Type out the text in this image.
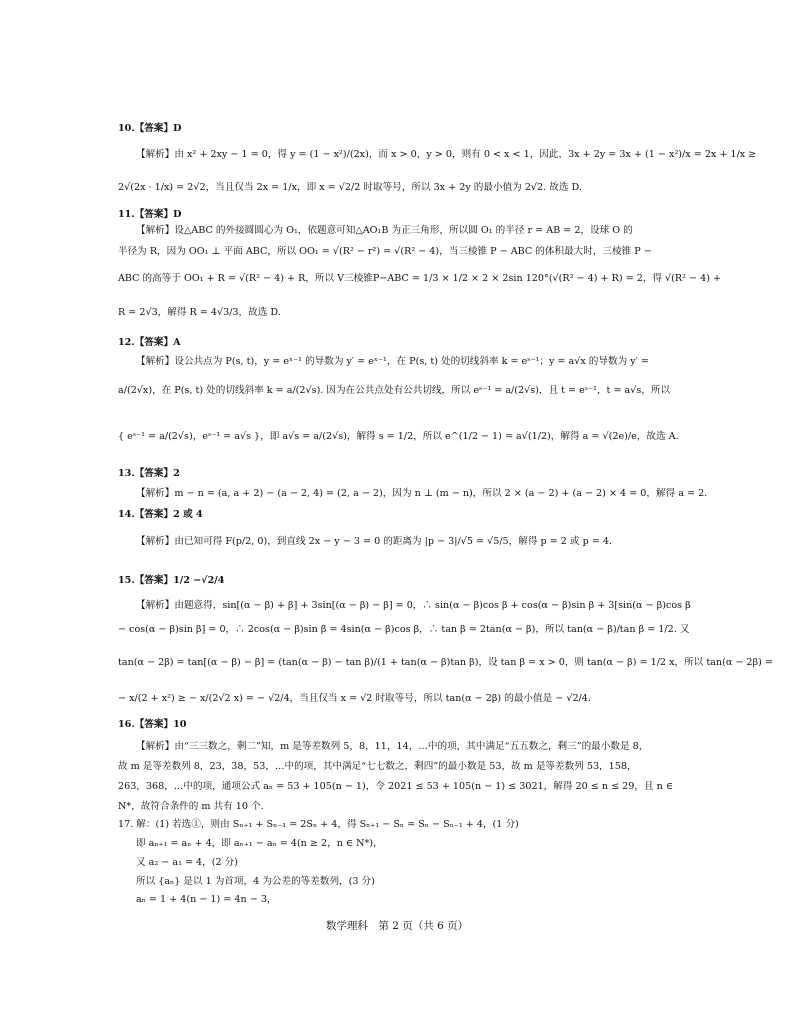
10.【答案】D
【解析】由 x² + 2xy − 1 = 0，得 y = (1 − x²)/(2x)，而 x > 0，y > 0，则有 0 < x < 1，因此，3x + 2y = 3x + (1 − x²)/x = 2x + 1/x ≥
2√(2x · 1/x) = 2√2，当且仅当 2x = 1/x，即 x = √2/2 时取等号，所以 3x + 2y 的最小值为 2√2. 故选 D.
11.【答案】D
【解析】设△ABC 的外接圆圆心为 O₁，依题意可知△AO₁B 为正三角形，所以圆 O₁ 的半径 r = AB = 2，设球 O 的
半径为 R，因为 OO₁ ⊥ 平面 ABC，所以 OO₁ = √(R² − r²) = √(R² − 4)，当三棱锥 P − ABC 的体积最大时，三棱锥 P −
ABC 的高等于 OO₁ + R = √(R² − 4) + R，所以 V三棱锥P−ABC = 1/3 × 1/2 × 2 × 2sin 120°(√(R² − 4) + R) = 2，得 √(R² − 4) +
R = 2√3，解得 R = 4√3/3，故选 D.
12.【答案】A
【解析】设公共点为 P(s, t)，y = eˣ⁻¹ 的导数为 y′ = eˣ⁻¹，在 P(s, t) 处的切线斜率 k = eˢ⁻¹；y = a√x 的导数为 y′ =
a/(2√x)，在 P(s, t) 处的切线斜率 k = a/(2√s). 因为在公共点处有公共切线，所以 eˢ⁻¹ = a/(2√s)，且 t = eˢ⁻¹，t = a√s，所以
{ eˢ⁻¹ = a/(2√s)，eˢ⁻¹ = a√s }，即 a√s = a/(2√s)，解得 s = 1/2，所以 e^(1/2 − 1) = a√(1/2)，解得 a = √(2e)/e，故选 A.
13.【答案】2
【解析】m − n = (a, a + 2) − (a − 2, 4) = (2, a − 2)，因为 n ⊥ (m − n)，所以 2 × (a − 2) + (a − 2) × 4 = 0，解得 a = 2.
14.【答案】2 或 4
【解析】由已知可得 F(p/2, 0)，到直线 2x − y − 3 = 0 的距离为 |p − 3|/√5 = √5/5，解得 p = 2 或 p = 4.
15.【答案】1/2 −√2/4
【解析】由题意得，sin[(α − β) + β] + 3sin[(α − β) − β] = 0，∴ sin(α − β)cos β + cos(α − β)sin β + 3[sin(α − β)cos β
− cos(α − β)sin β] = 0，∴ 2cos(α − β)sin β = 4sin(α − β)cos β，∴ tan β = 2tan(α − β)，所以 tan(α − β)/tan β = 1/2. 又
tan(α − 2β) = tan[(α − β) − β] = (tan(α − β) − tan β)/(1 + tan(α − β)tan β)，设 tan β = x > 0，则 tan(α − β) = 1/2 x，所以 tan(α − 2β) =
− x/(2 + x²) ≥ − x/(2√2 x) = − √2/4，当且仅当 x = √2 时取等号，所以 tan(α − 2β) 的最小值是 − √2/4.
16.【答案】10
【解析】由“三三数之，剩二”知，m 是等差数列 5，8，11，14，…中的项，其中满足“五五数之，剩三”的最小数是 8，
故 m 是等差数列 8，23，38，53，…中的项，其中满足“七七数之，剩四”的最小数是 53，故 m 是等差数列 53，158，
263，368，…中的项，通项公式 aₙ = 53 + 105(n − 1)，令 2021 ≤ 53 + 105(n − 1) ≤ 3021，解得 20 ≤ n ≤ 29，且 n ∈
N*，故符合条件的 m 共有 10 个.
17. 解：(1) 若选①，则由 Sₙ₊₁ + Sₙ₋₁ = 2Sₙ + 4，得 Sₙ₊₁ − Sₙ = Sₙ − Sₙ₋₁ + 4，(1 分)
即 aₙ₊₁ = aₙ + 4，即 aₙ₊₁ − aₙ = 4(n ≥ 2，n ∈ N*)，
又 a₂ − a₁ = 4，(2 分)
所以 {aₙ} 是以 1 为首项，4 为公差的等差数列，(3 分)
aₙ = 1 + 4(n − 1) = 4n − 3，
数学理科　第 2 页（共 6 页）
